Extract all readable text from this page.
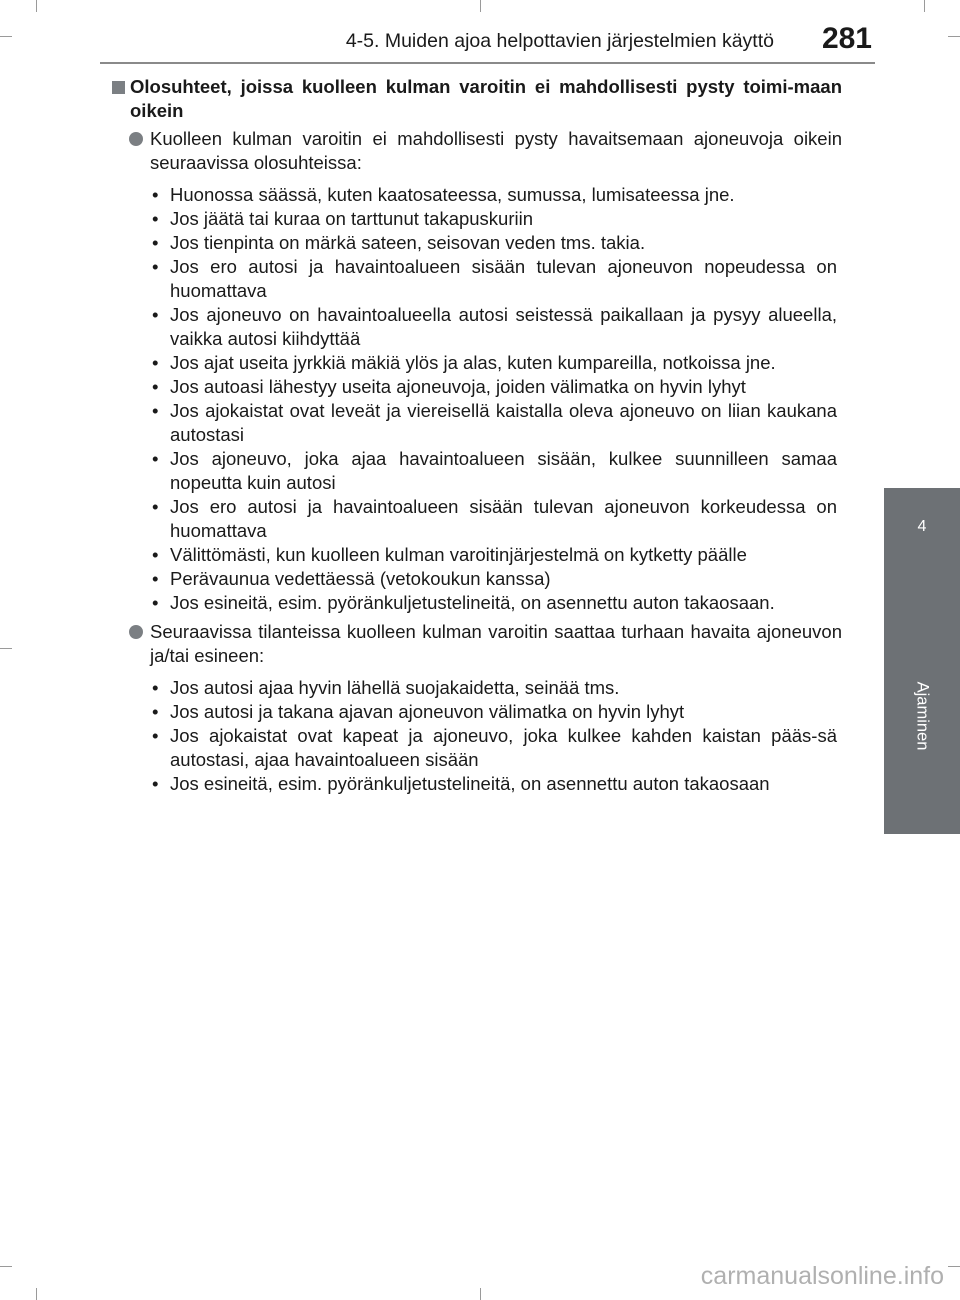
4-5. Muiden ajoa helpottavien järjestelmien käyttö 281
4
Ajaminen
Olosuhteet, joissa kuolleen kulman varoitin ei mahdollisesti pysty toimi-maan oikein
Kuolleen kulman varoitin ei mahdollisesti pysty havaitsemaan ajoneuvoja oikein seuraavissa olosuhteissa:
• Huonossa säässä, kuten kaatosateessa, sumussa, lumisateessa jne.
• Jos jäätä tai kuraa on tarttunut takapuskuriin
• Jos tienpinta on märkä sateen, seisovan veden tms. takia.
• Jos ero autosi ja havaintoalueen sisään tulevan ajoneuvon nopeudessa on huomattava
• Jos ajoneuvo on havaintoalueella autosi seistessä paikallaan ja pysyy alueella, vaikka autosi kiihdyttää
• Jos ajat useita jyrkkiä mäkiä ylös ja alas, kuten kumpareilla, notkoissa jne.
• Jos autoasi lähestyy useita ajoneuvoja, joiden välimatka on hyvin lyhyt
• Jos ajokaistat ovat leveät ja viereisellä kaistalla oleva ajoneuvo on liian kaukana autostasi
• Jos ajoneuvo, joka ajaa havaintoalueen sisään, kulkee suunnilleen samaa nopeutta kuin autosi
• Jos ero autosi ja havaintoalueen sisään tulevan ajoneuvon korkeudessa on huomattava
• Välittömästi, kun kuolleen kulman varoitinjärjestelmä on kytketty päälle
• Perävaunua vedettäessä (vetokoukun kanssa)
• Jos esineitä, esim. pyöränkuljetustelineitä, on asennettu auton takaosaan.
Seuraavissa tilanteissa kuolleen kulman varoitin saattaa turhaan havaita ajoneuvon ja/tai esineen:
• Jos autosi ajaa hyvin lähellä suojakaidetta, seinää tms.
• Jos autosi ja takana ajavan ajoneuvon välimatka on hyvin lyhyt
• Jos ajokaistat ovat kapeat ja ajoneuvo, joka kulkee kahden kaistan pääs-sä autostasi, ajaa havaintoalueen sisään
• Jos esineitä, esim. pyöränkuljetustelineitä, on asennettu auton takaosaan
carmanualsonline.info
